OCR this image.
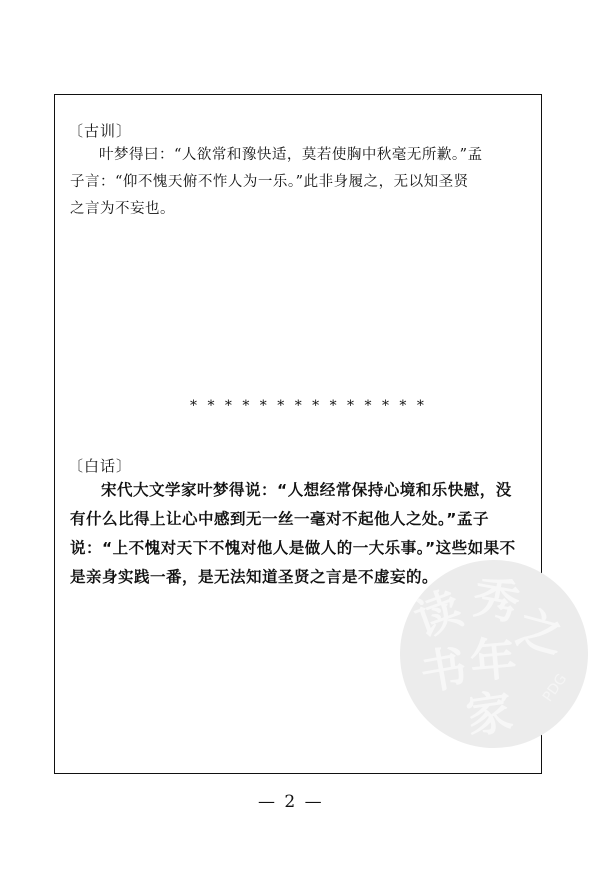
〔古训〕

叶梦得曰：“人欲常和豫快适，莫若使胸中秋毫无所歉。”孟
子言：“仰不愧天俯不怍人为一乐。”此非身履之，无以知圣贤
之言为不妄也。

* * * * * * * * * * * * * *
〔白话〕

宋代大文学家叶梦得说：“人想经常保持心境和乐快慰，没
有什么比得上让心中感到无一丝一毫对不起他人之处。”孟子
说：“上不愧对天下不愧对他人是做人的一大乐事。”这些如果不
是亲身实践一番，是无法知道圣贤之言是不虚妄的。

读
书
秀
年
之
家 PDG
— 2 —
